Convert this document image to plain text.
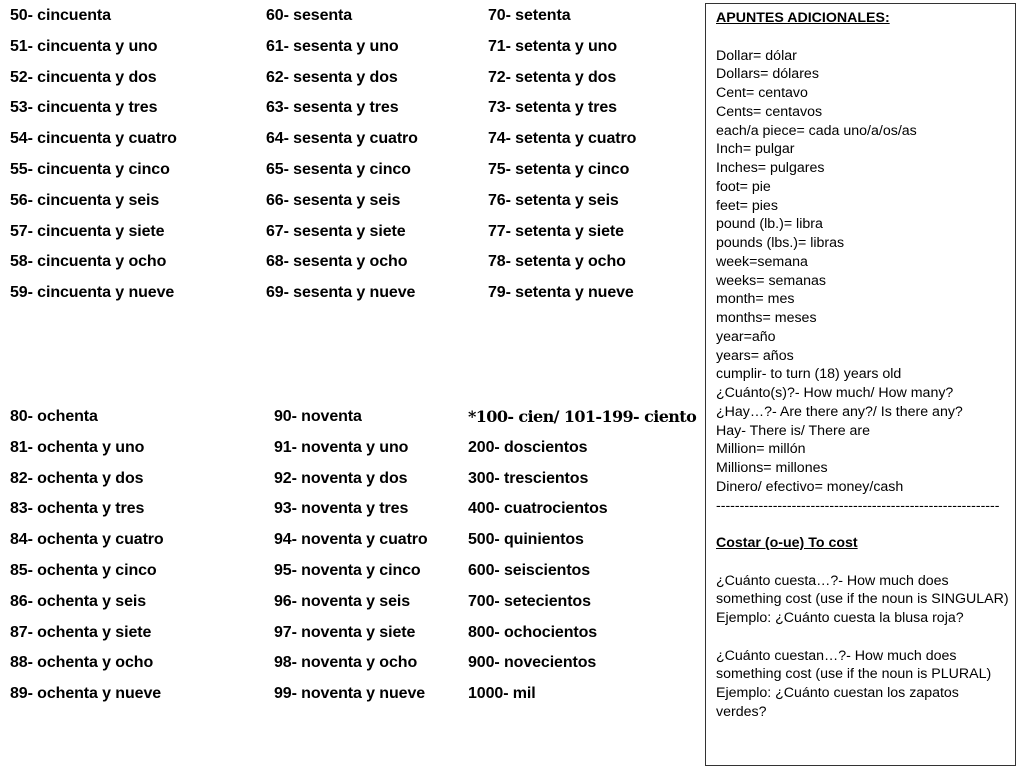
50- cincuenta
51- cincuenta y uno
52- cincuenta y dos
53- cincuenta y tres
54- cincuenta y cuatro
55- cincuenta y cinco
56- cincuenta y seis
57- cincuenta y siete
58- cincuenta y ocho
59- cincuenta y nueve
60- sesenta
61- sesenta y uno
62- sesenta y dos
63- sesenta y tres
64- sesenta y cuatro
65- sesenta y cinco
66- sesenta y seis
67- sesenta y siete
68- sesenta y ocho
69- sesenta y nueve
70- setenta
71- setenta y uno
72- setenta y dos
73- setenta y tres
74- setenta y cuatro
75- setenta y cinco
76- setenta y seis
77- setenta y siete
78- setenta y ocho
79- setenta y nueve
80- ochenta
81- ochenta y uno
82- ochenta y dos
83- ochenta y tres
84- ochenta y cuatro
85- ochenta y cinco
86- ochenta y seis
87- ochenta y siete
88- ochenta y ocho
89- ochenta y nueve
90- noventa
91- noventa y uno
92- noventa y dos
93- noventa y tres
94- noventa y cuatro
95- noventa y cinco
96- noventa y seis
97- noventa y siete
98- noventa y ocho
99- noventa y nueve
*100- cien/ 101-199- ciento
200- doscientos
300- trescientos
400- cuatrocientos
500- quinientos
600- seiscientos
700- setecientos
800- ochocientos
900- novecientos
1000- mil
APUNTES ADICIONALES:
Dollar= dólar
Dollars= dólares
Cent= centavo
Cents= centavos
each/a piece= cada uno/a/os/as
Inch= pulgar
Inches= pulgares
foot= pie
feet= pies
pound (lb.)= libra
pounds (lbs.)= libras
week=semana
weeks= semanas
month= mes
months= meses
year=año
years= años
cumplir- to turn (18) years old
¿Cuánto(s)?- How much/ How many?
¿Hay…?- Are there any?/ Is there any?
Hay- There is/ There are
Million= millón
Millions= millones
Dinero/ efectivo= money/cash
------------------------------------------------------------
Costar (o-ue) To cost
¿Cuánto cuesta…?- How much does something cost (use if the noun is SINGULAR)
Ejemplo: ¿Cuánto cuesta la blusa roja?
¿Cuánto cuestan…?- How much does something cost (use if the noun is PLURAL)
Ejemplo: ¿Cuánto cuestan los zapatos verdes?
